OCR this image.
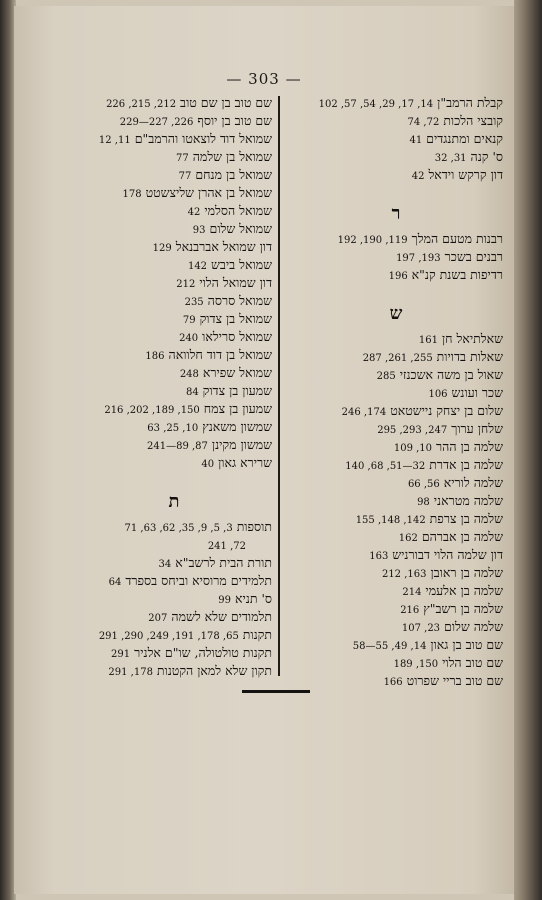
— 303 —
קבלת הרמב"ן 14, 17, 29, 54, 57, 102
קובצי הלכות 72, 74
קנאים ומתנגדים 41
ס' קנה 31, 32
דון קרקש וידאל 42
ר
רבנות מטעם המלך 119, 190, 192
רבנים בשכר 193, 197
רדיפות בשנת קנ"א 196
ש
שאלתיאל חן 161
שאלות בדויות 255, 261, 287
שאול בן משה אשכנזי 285
שכר ועונש 106
שלום בן יצחק ניישטאט 174, 246
שלחן ערוך 247, 293, 295
שלמה בן ההר 10, 109
שלמה בן אדרת 32—51, 68, 140
שלמה לוריא 56, 66
שלמה מטראני 98
שלמה בן צרפת 142, 148, 155
שלמה בן אברהם 162
דון שלמה הלוי דבורניש 163
שלמה בן ראובן 163, 212
שלמה בן אלעמי 214
שלמה בן רשב"ץ 216
שלמה שלום 23, 107
שם טוב בן גאון 14, 49, 55—58
שם טוב הלוי 150, 189
שם טוב בריי שפרוט 166
שם טוב בן שם טוב 212, 215, 226
שם טוב בן יוסף 226, 227—229
שמואל דוד לוצאטו והרמב"ם 11, 12
שמואל בן שלמה 77
שמואל בן מנחם 77
שמואל בן אהרן שליצשטט 178
שמואל הסלמי 42
שמואל שלום 93
דון שמואל אברבנאל 129
שמואל ביבש 142
דון שמואל הלוי 212
שמואל סרסה 235
שמואל בן צדוק 79
שמואל סרילאו 240
שמואל בן דוד חלוואה 186
שמואל שפירא 248
שמעון בן צדוק 84
שמעון בן צמח 150, 189, 202, 216
שמשון משאנץ 10, 25, 63
שמשון מקינן 87, 89—241
שרירא גאון 40
ת
תוספות 3, 5, 9, 35, 62, 63, 71
72, 241
תורת הבית לרשב"א 34
תלמידים מרוסיא וביחס בספרד 64
ס' תניא 99
תלמודים שלא לשמה 207
תקנות 65, 178, 191, 249, 290, 291
תקנות טולטולה, שו"ם אלניר 291
תקון שלא למאן הקטנות 178, 291
